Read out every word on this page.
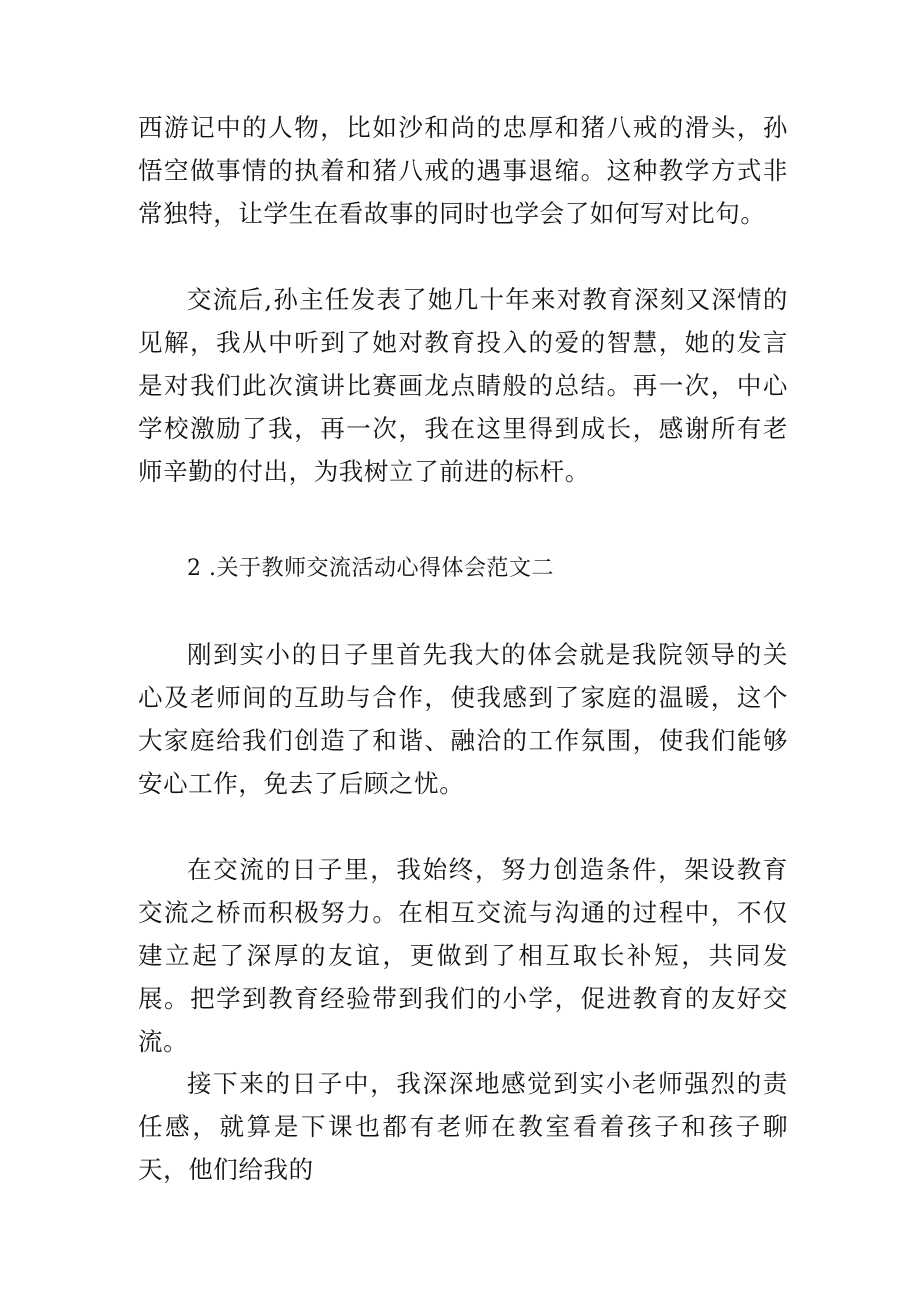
西游记中的人物，比如沙和尚的忠厚和猪八戒的滑头，孙悟空做事情的执着和猪八戒的遇事退缩。这种教学方式非常独特，让学生在看故事的同时也学会了如何写对比句。

交流后,孙主任发表了她几十年来对教育深刻又深情的见解，我从中听到了她对教育投入的爱的智慧，她的发言是对我们此次演讲比赛画龙点睛般的总结。再一次，中心学校激励了我，再一次，我在这里得到成长，感谢所有老师辛勤的付出，为我树立了前进的标杆。

2 .关于教师交流活动心得体会范文二

刚到实小的日子里首先我大的体会就是我院领导的关心及老师间的互助与合作，使我感到了家庭的温暖，这个大家庭给我们创造了和谐、融洽的工作氛围，使我们能够安心工作，免去了后顾之忧。

在交流的日子里，我始终，努力创造条件，架设教育交流之桥而积极努力。在相互交流与沟通的过程中，不仅建立起了深厚的友谊，更做到了相互取长补短，共同发展。把学到教育经验带到我们的小学，促进教育的友好交流。

接下来的日子中，我深深地感觉到实小老师强烈的责任感，就算是下课也都有老师在教室看着孩子和孩子聊天，他们给我的
